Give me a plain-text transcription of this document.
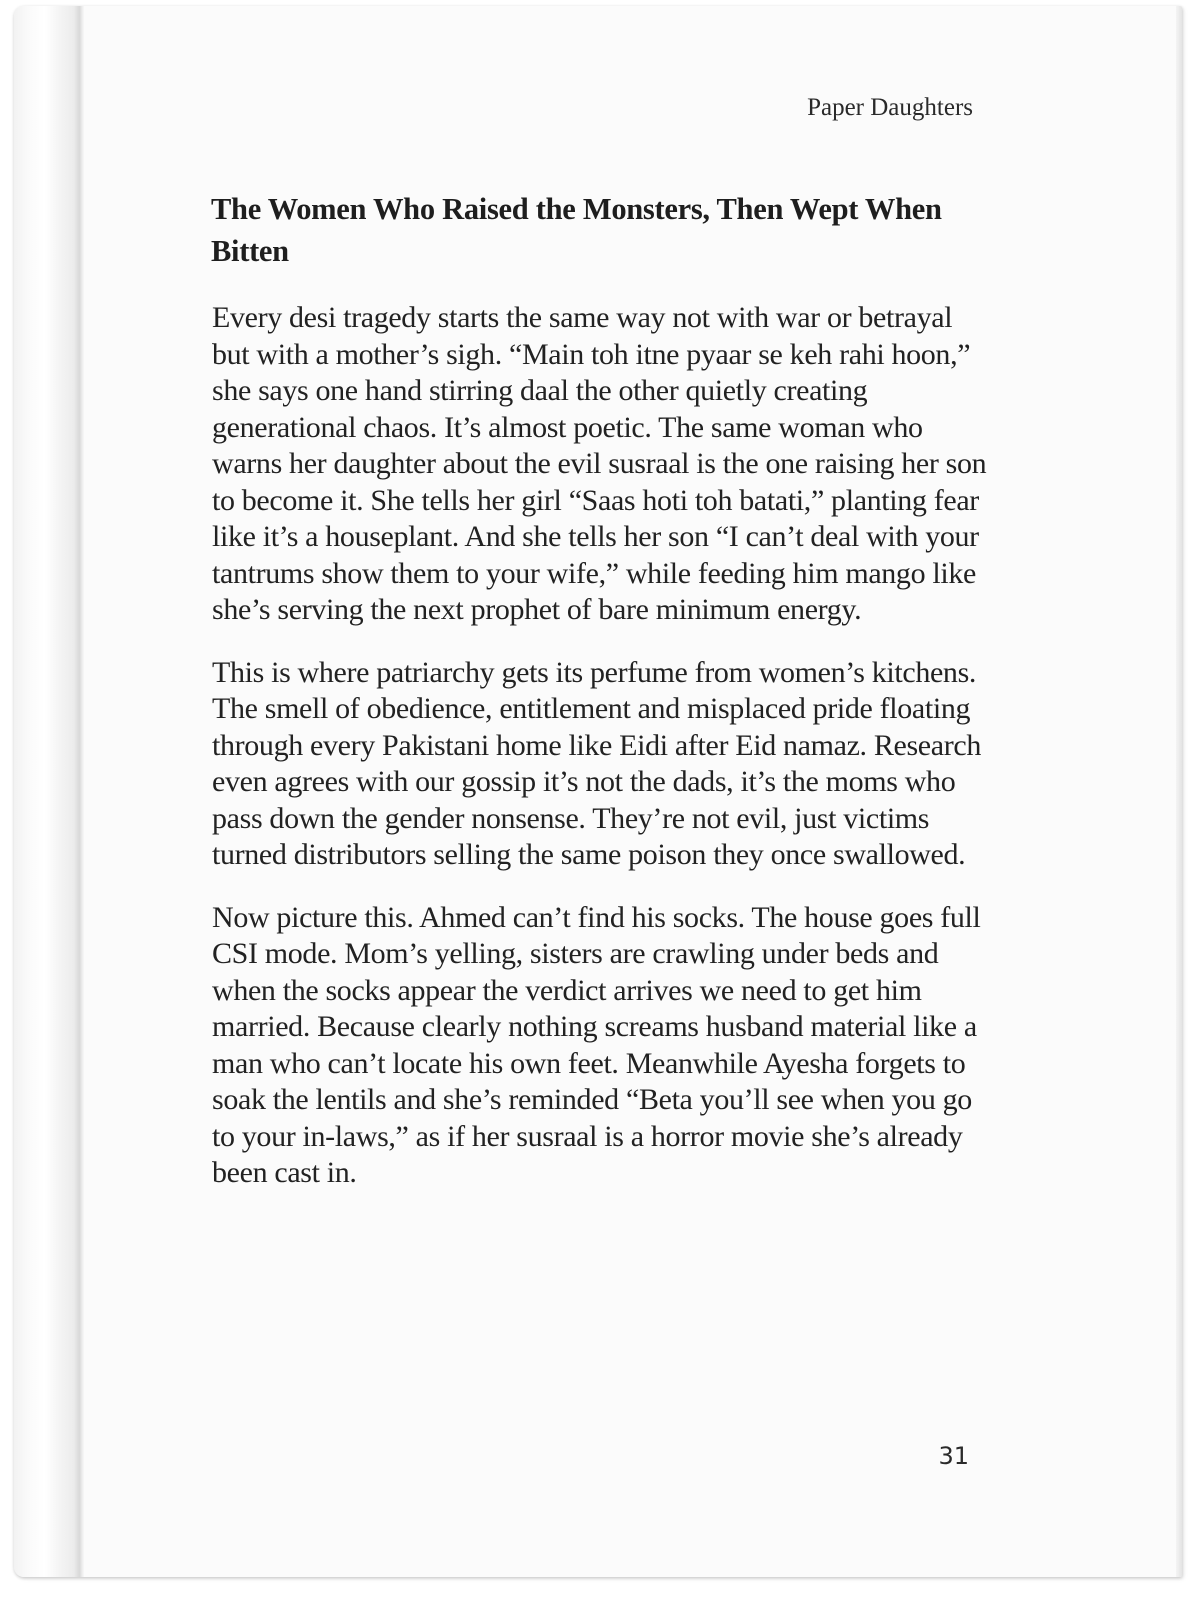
Paper Daughters
The Women Who Raised the Monsters, Then Wept When Bitten

Every desi tragedy starts the same way not with war or betrayal but with a mother’s sigh. “Main toh itne pyaar se keh rahi hoon,” she says one hand stirring daal the other quietly creating generational chaos. It’s almost poetic. The same woman who warns her daughter about the evil susraal is the one raising her son to become it. She tells her girl “Saas hoti toh batati,” planting fear like it’s a houseplant. And she tells her son “I can’t deal with your tantrums show them to your wife,” while feeding him mango like she’s serving the next prophet of bare minimum energy.

This is where patriarchy gets its perfume from women’s kitchens. The smell of obedience, entitlement and misplaced pride floating through every Pakistani home like Eidi after Eid namaz. Research even agrees with our gossip it’s not the dads, it’s the moms who pass down the gender nonsense. They’re not evil, just victims turned distributors selling the same poison they once swallowed.

Now picture this. Ahmed can’t find his socks. The house goes full CSI mode. Mom’s yelling, sisters are crawling under beds and when the socks appear the verdict arrives we need to get him married. Because clearly nothing screams husband material like a man who can’t locate his own feet. Meanwhile Ayesha forgets to soak the lentils and she’s reminded “Beta you’ll see when you go to your in-laws,” as if her susraal is a horror movie she’s already been cast in.

31
